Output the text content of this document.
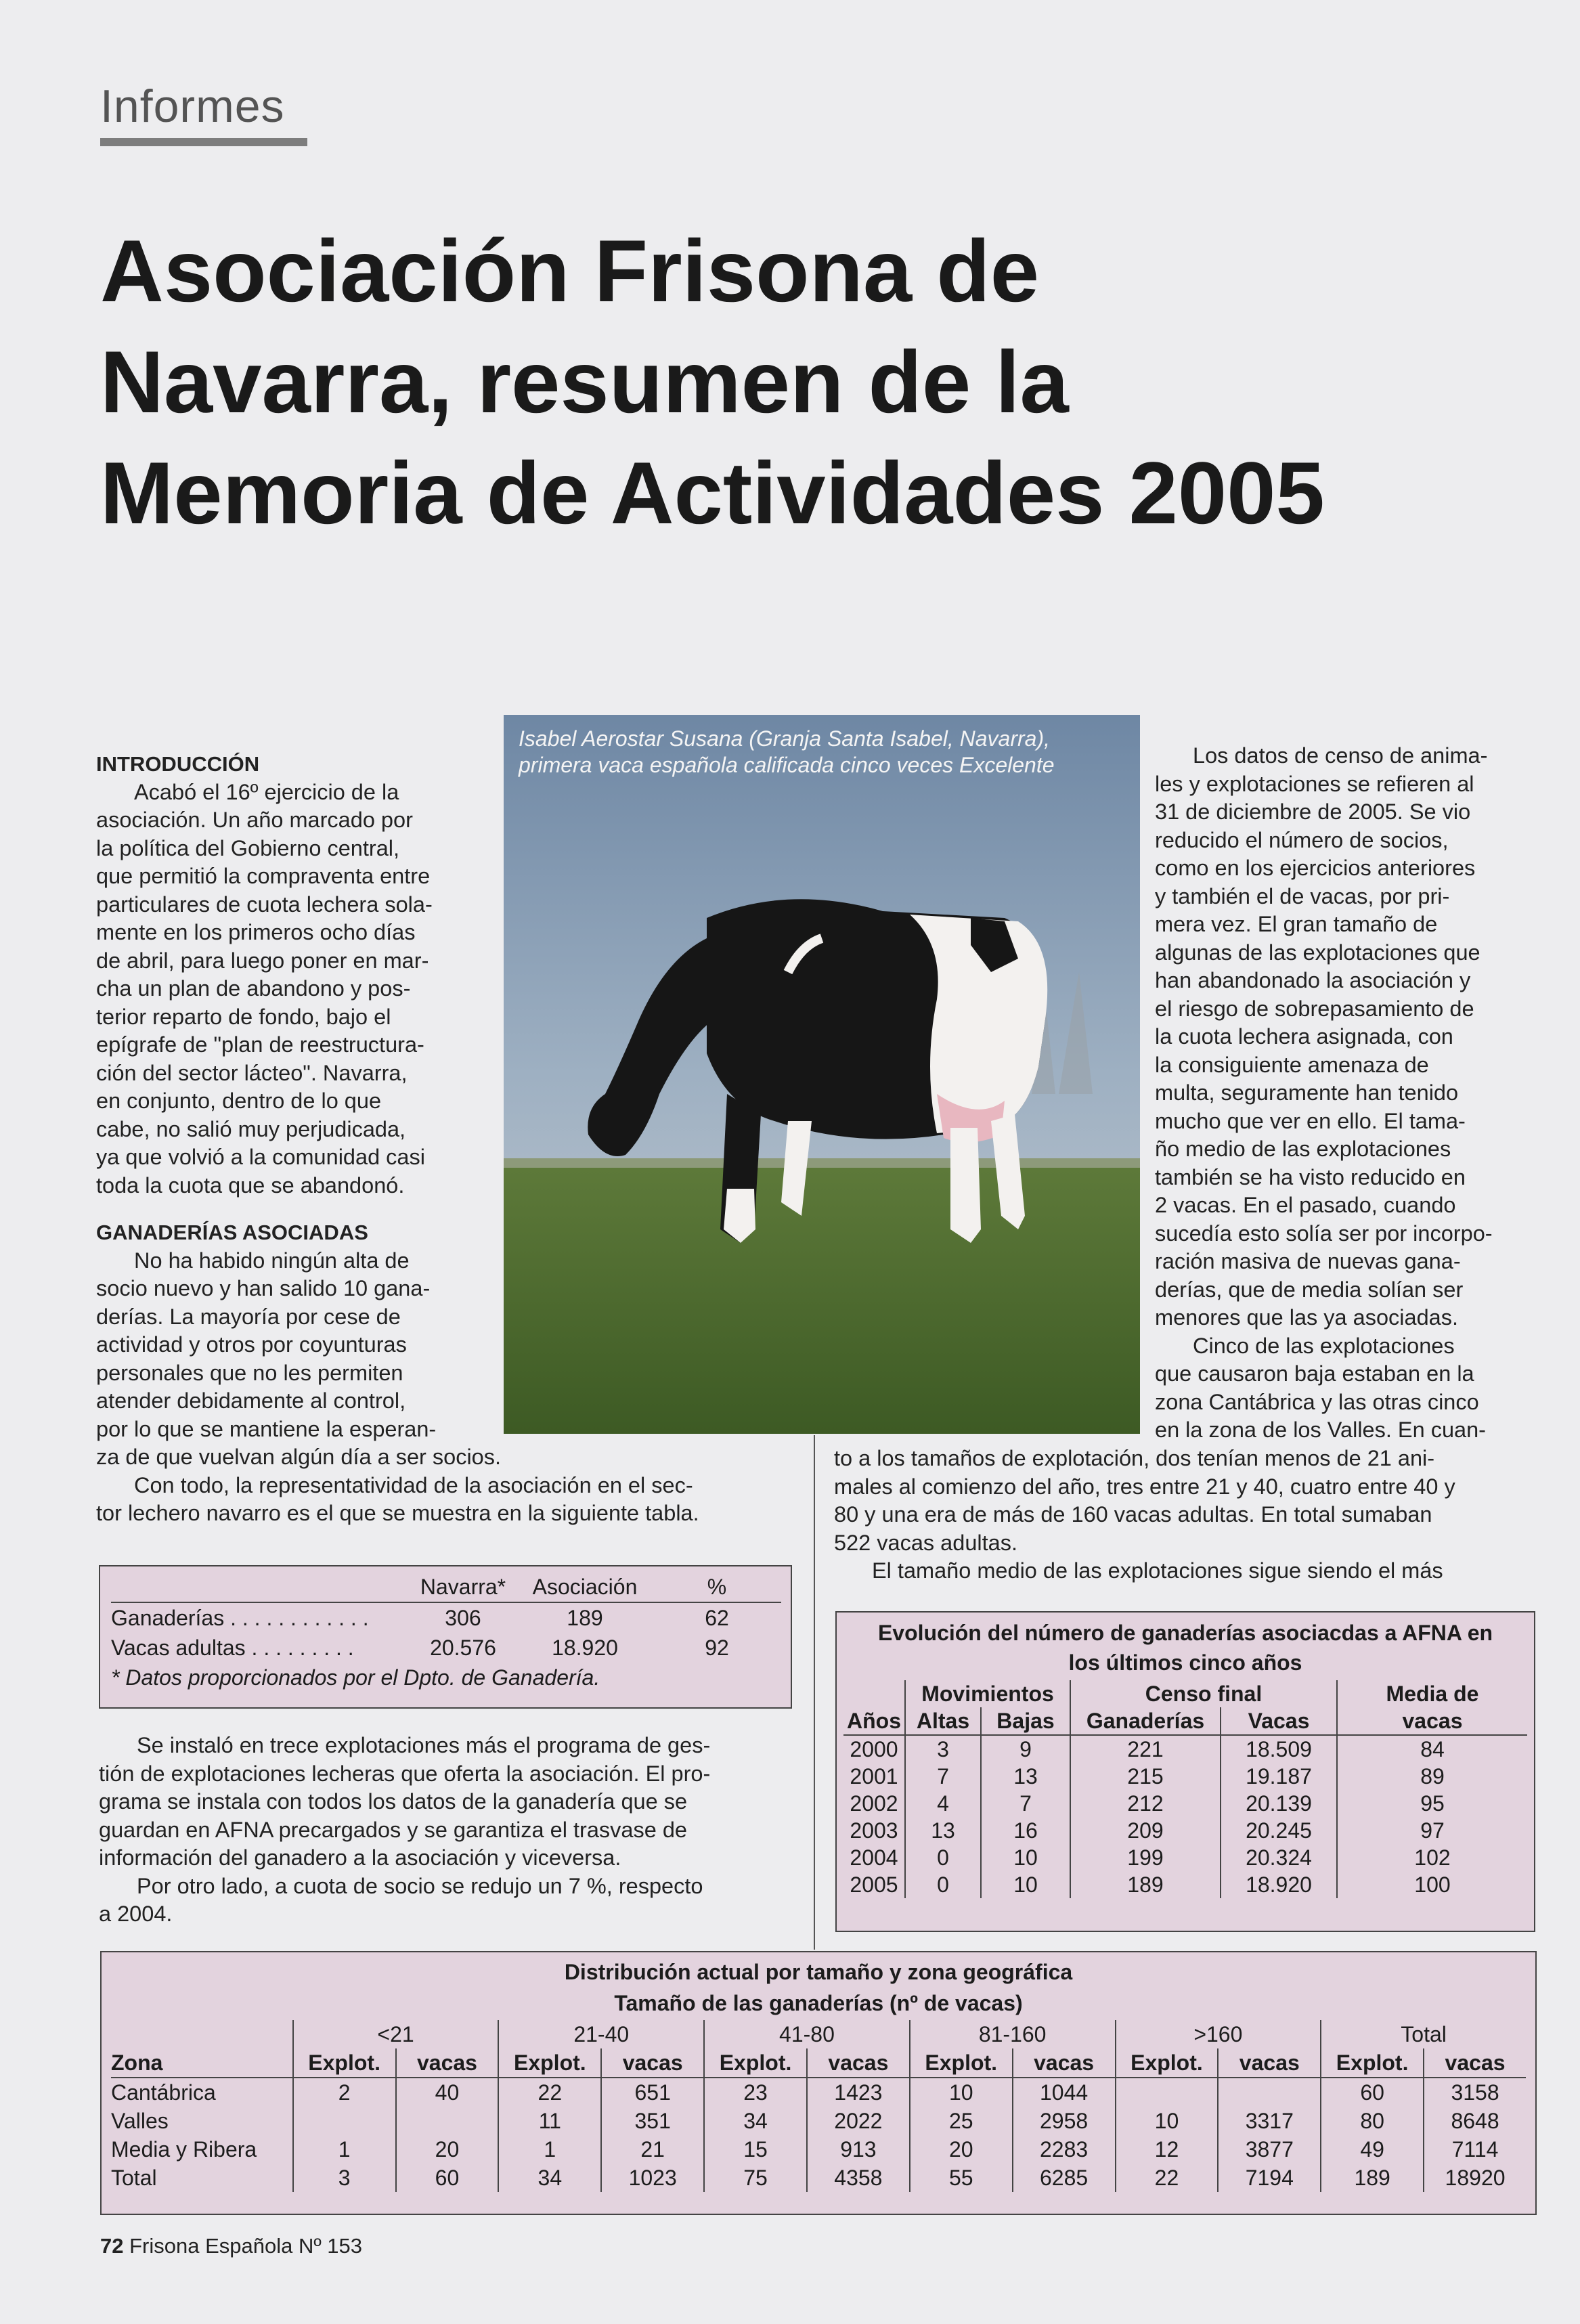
Informes
Asociación Frisona de
Navarra, resumen de la
Memoria de Actividades 2005
INTRODUCCIÓN
Acabó el 16º ejercicio de la
asociación. Un año marcado por
la política del Gobierno central,
que permitió la compraventa entre
particulares de cuota lechera sola-
mente en los primeros ocho días
de abril, para luego poner en mar-
cha un plan de abandono y pos-
terior reparto de fondo, bajo el
epígrafe de "plan de reestructura-
ción del sector lácteo". Navarra,
en conjunto, dentro de lo que
cabe, no salió muy perjudicada,
ya que volvió a la comunidad casi
toda la cuota que se abandonó.
GANADERÍAS ASOCIADAS
No ha habido ningún alta de
socio nuevo y han salido 10 gana-
derías. La mayoría por cese de
actividad y otros por coyunturas
personales que no les permiten
atender debidamente al control,
por lo que se mantiene la esperan-
za de que vuelvan algún día a ser socios.
Con todo, la representatividad de la asociación en el sec-
tor lechero navarro es el que se muestra en la siguiente tabla.
Isabel Aerostar Susana (Granja Santa Isabel, Navarra), primera vaca española calificada cinco veces Excelente	Los datos de censo de anima-
les y explotaciones se refieren al
31 de diciembre de 2005. Se vio
reducido el número de socios,
como en los ejercicios anteriores
y también el de vacas, por pri-
mera vez. El gran tamaño de
algunas de las explotaciones que
han abandonado la asociación y
el riesgo de sobrepasamiento de
la cuota lechera asignada, con
la consiguiente amenaza de
multa, seguramente han tenido
mucho que ver en ello. El tama-
ño medio de las explotaciones
también se ha visto reducido en
2 vacas. En el pasado, cuando
sucedía esto solía ser por incorpo-
ración masiva de nuevas gana-
derías, que de media solían ser
menores que las ya asociadas.
Cinco de las explotaciones
que causaron baja estaban en la
zona Cantábrica y las otras cinco
en la zona de los Valles. En cuan-
to a los tamaños de explotación, dos tenían menos de 21 ani-
males al comienzo del año, tres entre 21 y 40, cuatro entre 40 y
80 y una era de más de 160 vacas adultas. En total sumaban
522 vacas adultas.
El tamaño medio de las explotaciones sigue siendo el más
	Navarra*	Asociación	%
Ganaderías . . . . . . . . . . . .	306	189	62
Vacas adultas . . . . . . . . .	20.576	18.920	92
* Datos proporcionados por el Dpto. de Ganadería.			
Se instaló en trece explotaciones más el programa de ges-
tión de explotaciones lecheras que oferta la asociación. El pro-
grama se instala con todos los datos de la ganadería que se
guardan en AFNA precargados y se garantiza el trasvase de
información del ganadero a la asociación y viceversa.
Por otro lado, a cuota de socio se redujo un 7 %, respecto
a 2004.
Evolución del número de ganaderías asociacdas a AFNA en
los últimos cinco años
	Movimientos		Censo final		Media de
Años	Altas	Bajas	Ganaderías	Vacas	vacas
2000	3	9	221	18.509	84
2001	7	13	215	19.187	89
2002	4	7	212	20.139	95
2003	13	16	209	20.245	97
2004	0	10	199	20.324	102
2005	0	10	189	18.920	100
Distribución actual por tamaño y zona geográfica
Tamaño de las ganaderías (nº de vacas)
	<21		21-40		41-80		81-160		>160		Total	
Zona	Explot.	vacas	Explot.	vacas	Explot.	vacas	Explot.	vacas	Explot.	vacas	Explot.	vacas
Cantábrica	2	40	22	651	23	1423	10	1044			60	3158
Valles			11	351	34	2022	25	2958	10	3317	80	8648
Media y Ribera	1	20	1	21	15	913	20	2283	12	3877	49	7114
Total	3	60	34	1023	75	4358	55	6285	22	7194	189	18920
72 Frisona Española Nº 153
